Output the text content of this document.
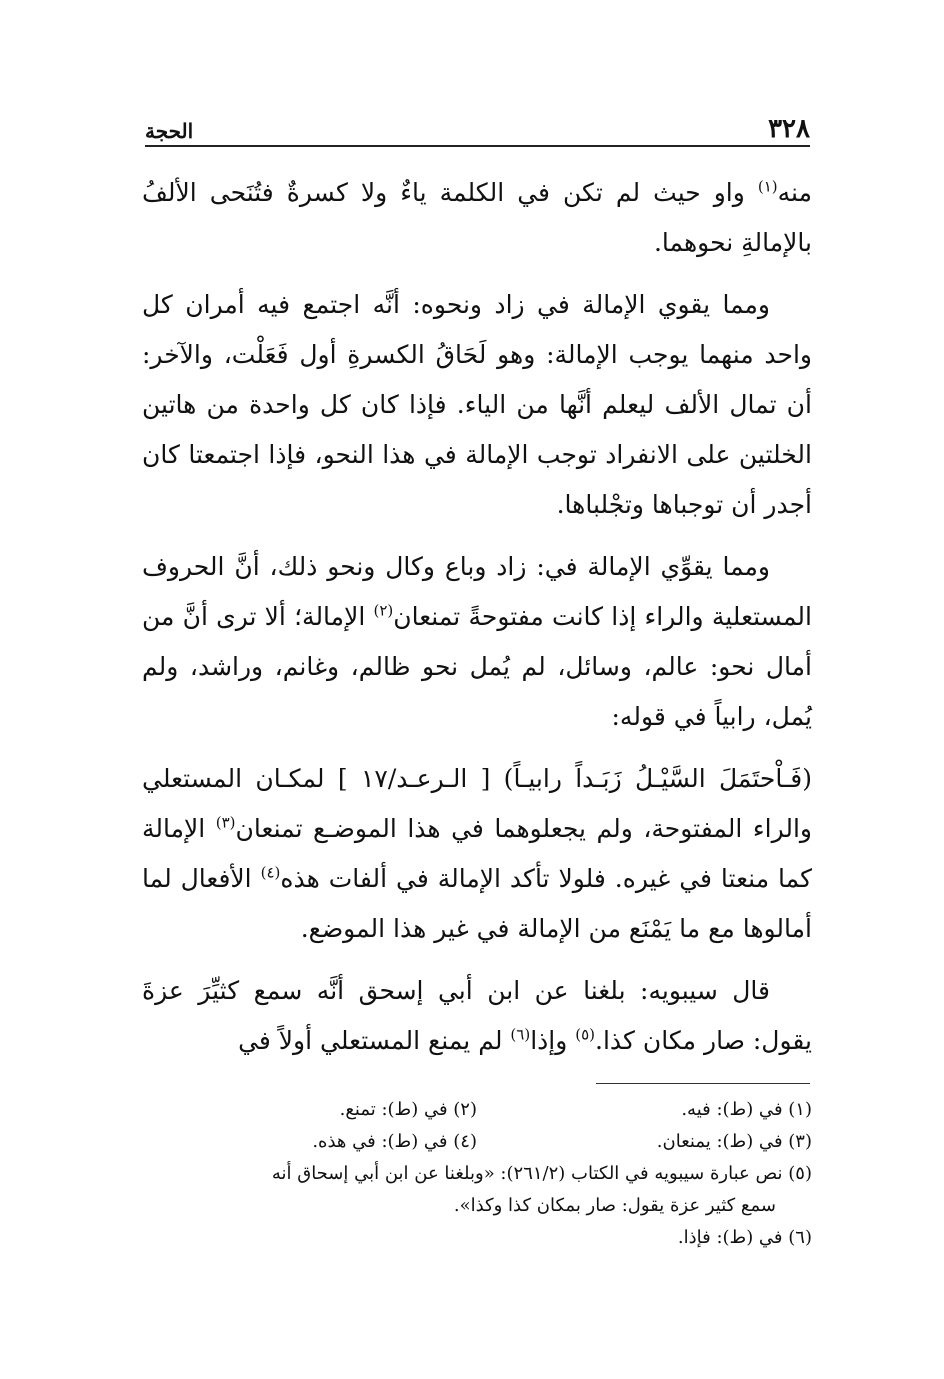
٣٢٨
الحجة

منه$^{(١)}$ واو حيث لم تكن في الكلمة ياءٌ ولا كسرةٌ فتُنَحى الألفُ بالإمالةِ نحوهما.

ومما يقوي الإمالة في زاد ونحوه: أنَّه اجتمع فيه أمران كل واحد منهما يوجب الإمالة: وهو لَحَاقُ الكسرةِ أول فَعَلْت، والآخر: أن تمال الألف ليعلم أنَّها من الياء. فإذا كان كل واحدة من هاتين الخلتين على الانفراد توجب الإمالة في هذا النحو، فإذا اجتمعتا كان أجدر أن توجباها وتجْلباها.

ومما يقوِّي الإمالة في: زاد وباع وكال ونحو ذلك، أنَّ الحروف المستعلية والراء إذا كانت مفتوحةً تمنعان$^{(٢)}$ الإمالة؛ ألا ترى أنَّ من أمال نحو: عالم، وسائل، لم يُمل نحو ظالم، وغانم، وراشد، ولم يُمل، رابياً في قوله:

(فَـاْحتَمَلَ السَّيْـلُ زَبَـداً رابيـاً) [ الـرعـد/١٧ ] لمكـان المستعلي والراء المفتوحة، ولم يجعلوهما في هذا الموضـع تمنعان$^{(٣)}$ الإمالة كما منعتا في غيره. فلولا تأكد الإمالة في ألفات هذه$^{(٤)}$ الأفعال لما أمالوها مع ما يَمْنَع من الإمالة في غير هذا الموضع.

قال سيبويه: بلغنا عن ابن أبي إسحق أنَّه سمع كثيِّرَ عزةَ يقول: صار مكان كذا.$^{(٥)}$ وإذا$^{(٦)}$ لم يمنع المستعلي أولاً في

(١) في (ط): فيه.
(٢) في (ط): تمنع.
(٣) في (ط): يمنعان.
(٤) في (ط): في هذه.
(٥) نص عبارة سيبويه في الكتاب (٢٦١/٢): «وبلغنا عن ابن أبي إسحاق أنه
سمع كثير عزة يقول: صار بمكان كذا وكذا».
(٦) في (ط): فإذا.
